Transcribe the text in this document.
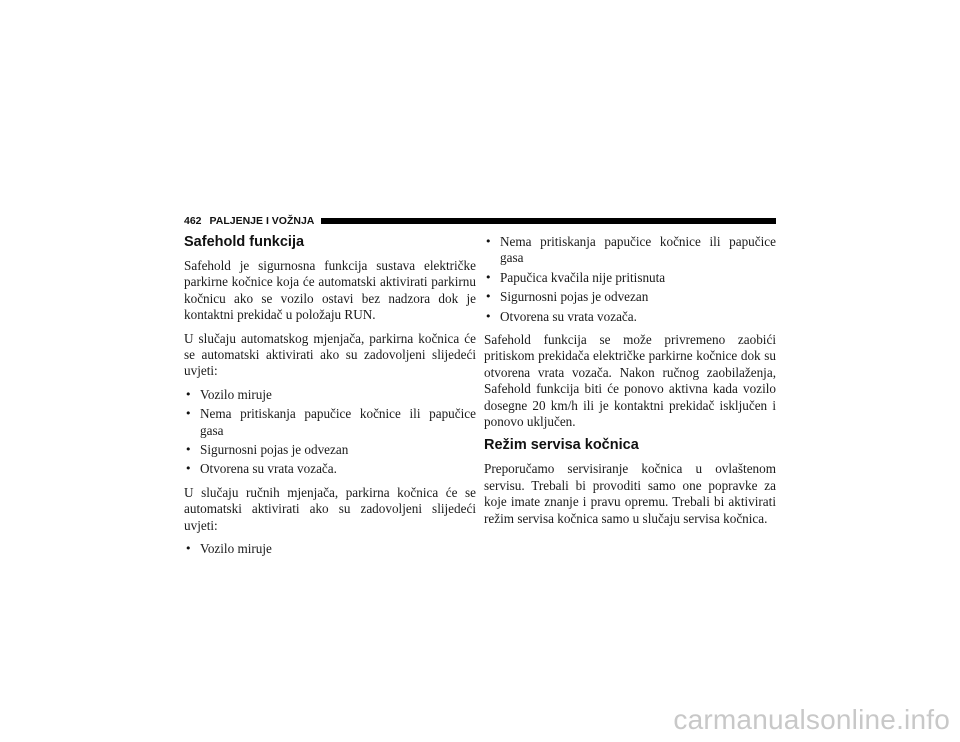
462 PALJENJE I VOŽNJA
Safehold funkcija

Safehold je sigurnosna funkcija sustava električke parkirne kočnice koja će automatski aktivirati parkirnu kočnicu ako se vozilo ostavi bez nadzora dok je kontaktni prekidač u položaju RUN.

U slučaju automatskog mjenjača, parkirna kočnica će se automatski aktivirati ako su zadovoljeni slijedeći uvjeti:

• Vozilo miruje
• Nema pritiskanja papučice kočnice ili papučice gasa
• Sigurnosni pojas je odvezan
• Otvorena su vrata vozača.

U slučaju ručnih mjenjača, parkirna kočnica će se automatski aktivirati ako su zadovoljeni slijedeći uvjeti:

• Vozilo miruje
• Nema pritiskanja papučice kočnice ili papučice gasa
• Papučica kvačila nije pritisnuta
• Sigurnosni pojas je odvezan
• Otvorena su vrata vozača.

Safehold funkcija se može privremeno zaobići pritiskom prekidača električke parkirne kočnice dok su otvorena vrata vozača. Nakon ručnog zaobilaženja, Safehold funkcija biti će ponovo aktivna kada vozilo dosegne 20 km/h ili je kontaktni prekidač isključen i ponovo uključen.

Režim servisa kočnica

Preporučamo servisiranje kočnica u ovlaštenom servisu. Trebali bi provoditi samo one popravke za koje imate znanje i pravu opremu. Trebali bi aktivirati režim servisa kočnica samo u slučaju servisa kočnica.

carmanualsonline.info
